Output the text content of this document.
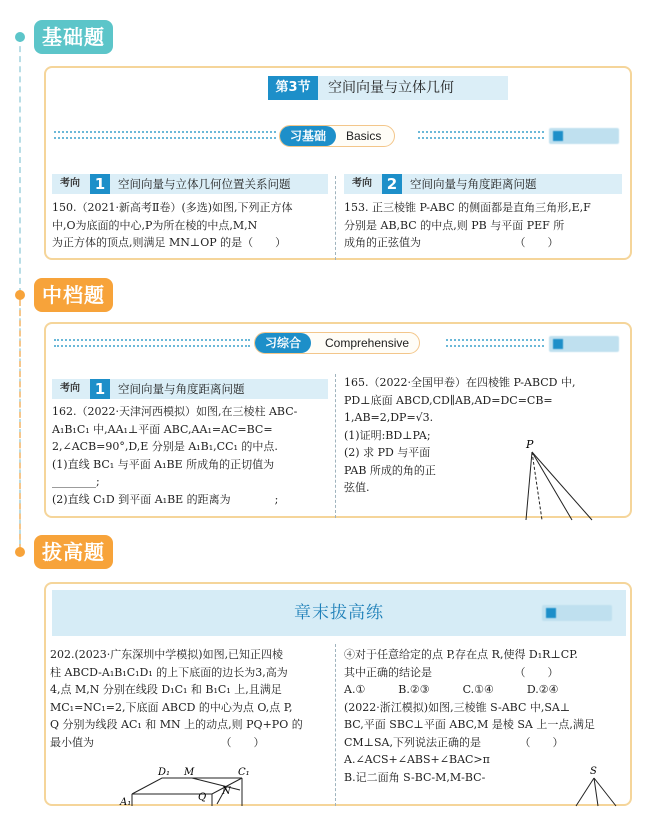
基础题
中档题
拔高题
第3节	空间向量与立体几何
习基础	Basics
考向 1	空间向量与立体几何位置关系问题	考向 2	空间向量与角度距离问题
150.（2021·新高考Ⅱ卷）(多选)如图,下列正方体
中,O为底面的中心,P为所在棱的中点,M,N
为正方体的顶点,则满足 MN⊥OP 的是（　　）
153. 正三棱锥 P-ABC 的侧面都是直角三角形,E,F
分别是 AB,BC 的中点,则 PB 与平面 PEF 所
成角的正弦值为　　　　　　　　　（　　）
习综合	Comprehensive
考向 1	空间向量与角度距离问题
162.（2022·天津河西模拟）如图,在三棱柱 ABC-
A₁B₁C₁ 中,AA₁⊥平面 ABC,AA₁=AC=BC=
2,∠ACB=90°,D,E 分别是 A₁B₁,CC₁ 的中点.
(1)直线 BC₁ 与平面 A₁BE 所成角的正切值为
________;
(2)直线 C₁D 到平面 A₁BE 的距离为　　　　;
165.（2022·全国甲卷）在四棱锥 P-ABCD 中,
PD⊥底面 ABCD,CD∥AB,AD=DC=CB=
1,AB=2,DP=√3.
(1)证明:BD⊥PA;
(2) 求 PD 与平面
PAB 所成的角的正
弦值.
P
章末拔高练
202.(2023·广东深圳中学模拟)如图,已知正四棱
柱 ABCD-A₁B₁C₁D₁ 的上下底面的边长为3,高为
4,点 M,N 分别在线段 D₁C₁ 和 B₁C₁ 上,且满足
MC₁=NC₁=2,下底面 ABCD 的中心为点 O,点 P,
Q 分别为线段 AC₁ 和 MN 上的动点,则 PQ+PO 的
最小值为　　　　　　　　　　　　（　　）
D₁ M	C₁
A₁	Q
N
④对于任意给定的点 P,存在点 R,使得 D₁R⊥CP.
其中正确的结论是　　　　　　　　（　　）
A.①　　　B.②③　　　C.①④　　　D.②④
(2022·浙江模拟)如图,三棱锥 S-ABC 中,SA⊥
BC,平面 SBC⊥平面 ABC,M 是棱 SA 上一点,满足
CM⊥SA,下列说法正确的是　　　　（　　）
A.∠ACS+∠ABS+∠BAC>π
B.记二面角 S-BC-M,M-BC-	S
